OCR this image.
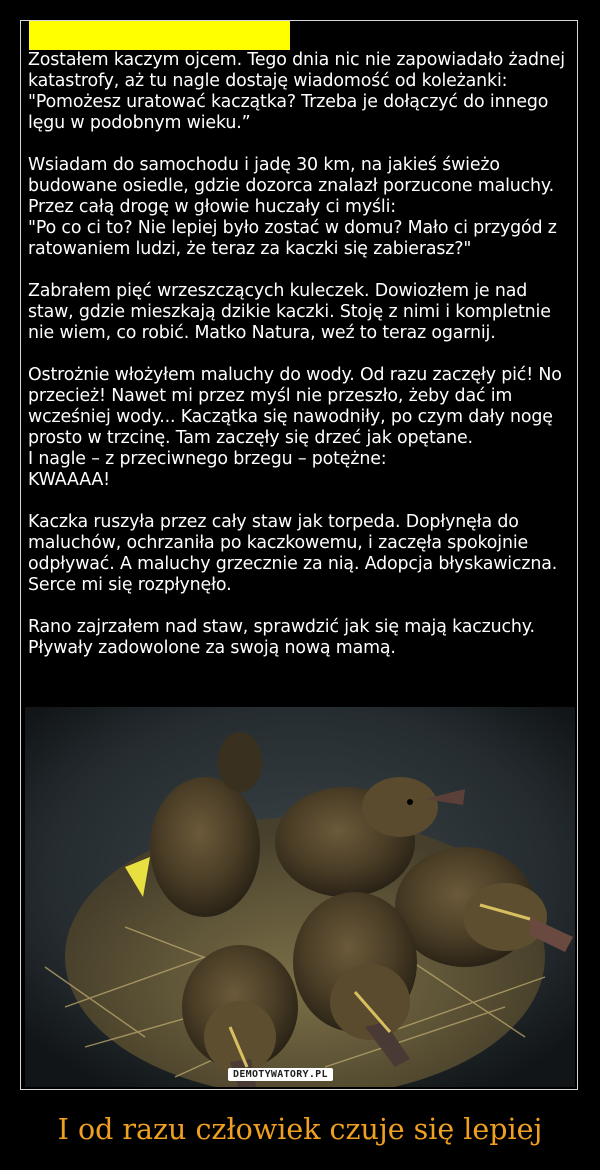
Zostałem kaczym ojcem. Tego dnia nic nie zapowiadało żadnej katastrofy, aż tu nagle dostaję wiadomość od koleżanki: "Pomożesz uratować kaczątka? Trzeba je dołączyć do innego lęgu w podobnym wieku.”

Wsiadam do samochodu i jadę 30 km, na jakieś świeżo budowane osiedle, gdzie dozorca znalazł porzucone maluchy. Przez całą drogę w głowie huczały ci myśli:
"Po co ci to? Nie lepiej było zostać w domu? Mało ci przygód z ratowaniem ludzi, że teraz za kaczki się zabierasz?"

Zabrałem pięć wrzeszczących kuleczek. Dowiozłem je nad staw, gdzie mieszkają dzikie kaczki. Stoję z nimi i kompletnie nie wiem, co robić. Matko Natura, weź to teraz ogarnij.

Ostrożnie włożyłem maluchy do wody. Od razu zaczęły pić! No przecież! Nawet mi przez myśl nie przeszło, żeby dać im wcześniej wody... Kaczątka się nawodniły, po czym dały nogę prosto w trzcinę. Tam zaczęły się drzeć jak opętane.
I nagle – z przeciwnego brzegu – potężne:
KWAAAA!

Kaczka ruszyła przez cały staw jak torpeda. Dopłynęła do maluchów, ochrzaniła po kaczkowemu, i zaczęła spokojnie odpływać. A maluchy grzecznie za nią. Adopcja błyskawiczna. Serce mi się rozpłynęło.

Rano zajrzałem nad staw, sprawdzić jak się mają kaczuchy. Pływały zadowolone za swoją nową mamą.

DEMOTYWATORY.PL
I od razu człowiek czuje się lepiej
